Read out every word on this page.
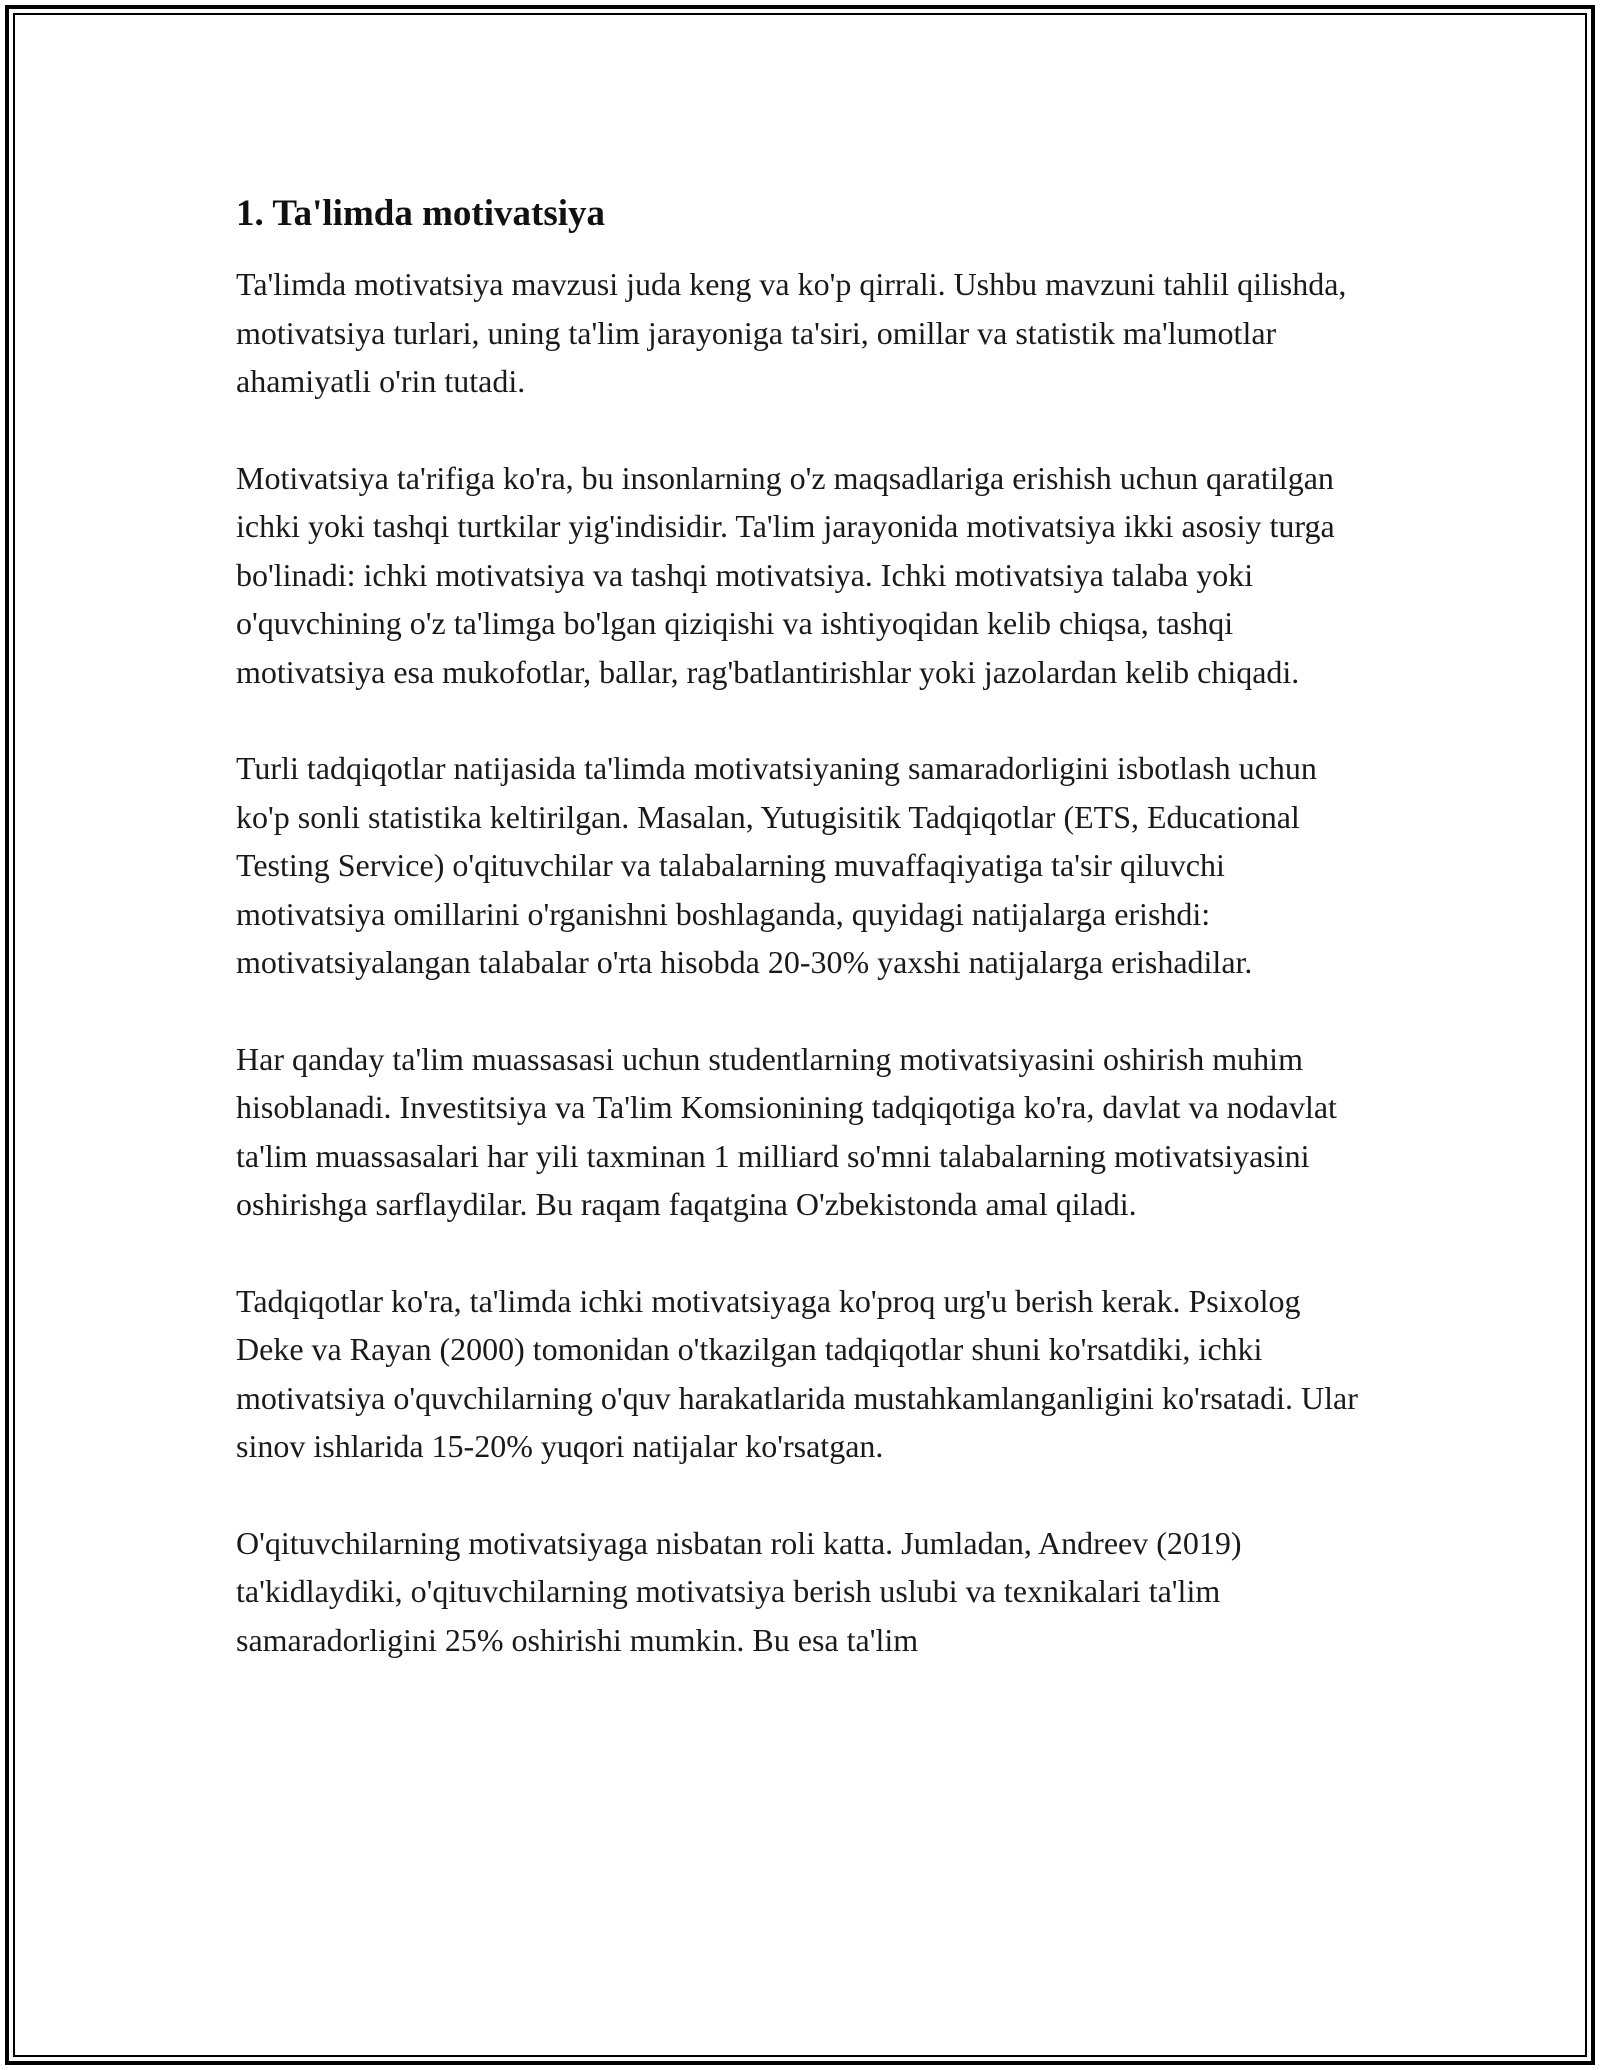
1. Ta'limda motivatsiya

Ta'limda motivatsiya mavzusi juda keng va ko'p qirrali. Ushbu mavzuni tahlil qilishda, motivatsiya turlari, uning ta'lim jarayoniga ta'siri, omillar va statistik ma'lumotlar ahamiyatli o'rin tutadi.

Motivatsiya ta'rifiga ko'ra, bu insonlarning o'z maqsadlariga erishish uchun qaratilgan ichki yoki tashqi turtkilar yig'indisidir. Ta'lim jarayonida motivatsiya ikki asosiy turga bo'linadi: ichki motivatsiya va tashqi motivatsiya. Ichki motivatsiya talaba yoki o'quvchining o'z ta'limga bo'lgan qiziqishi va ishtiyoqidan kelib chiqsa, tashqi motivatsiya esa mukofotlar, ballar, rag'batlantirishlar yoki jazolardan kelib chiqadi.

Turli tadqiqotlar natijasida ta'limda motivatsiyaning samaradorligini isbotlash uchun ko'p sonli statistika keltirilgan. Masalan, Yutugisitik Tadqiqotlar (ETS, Educational Testing Service) o'qituvchilar va talabalarning muvaffaqiyatiga ta'sir qiluvchi motivatsiya omillarini o'rganishni boshlaganda, quyidagi natijalarga erishdi: motivatsiyalangan talabalar o'rta hisobda 20-30% yaxshi natijalarga erishadilar.

Har qanday ta'lim muassasasi uchun studentlarning motivatsiyasini oshirish muhim hisoblanadi. Investitsiya va Ta'lim Komsionining tadqiqotiga ko'ra, davlat va nodavlat ta'lim muassasalari har yili taxminan 1 milliard so'mni talabalarning motivatsiyasini oshirishga sarflaydilar. Bu raqam faqatgina O'zbekistonda amal qiladi.

Tadqiqotlar ko'ra, ta'limda ichki motivatsiyaga ko'proq urg'u berish kerak. Psixolog Deke va Rayan (2000) tomonidan o'tkazilgan tadqiqotlar shuni ko'rsatdiki, ichki motivatsiya o'quvchilarning o'quv harakatlarida mustahkamlanganligini ko'rsatadi. Ular sinov ishlarida 15-20% yuqori natijalar ko'rsatgan.

O'qituvchilarning motivatsiyaga nisbatan roli katta. Jumladan, Andreev (2019) ta'kidlaydiki, o'qituvchilarning motivatsiya berish uslubi va texnikalari ta'lim samaradorligini 25% oshirishi mumkin. Bu esa ta'lim
